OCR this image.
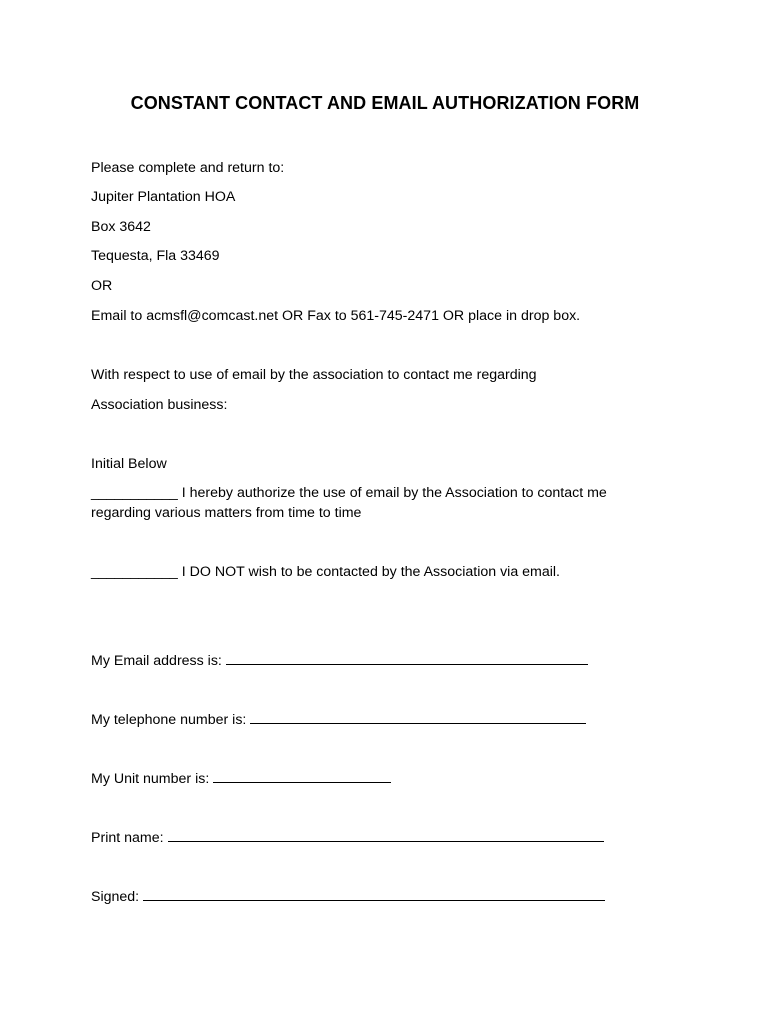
CONSTANT CONTACT AND EMAIL AUTHORIZATION FORM
Please complete and return to:
Jupiter Plantation HOA
Box 3642
Tequesta, Fla 33469
OR
Email to acmsfl@comcast.net OR Fax to 561-745-2471 OR place in drop box.
With respect to use of email by the association to contact me regarding
Association business:
Initial Below
___________ I hereby authorize the use of email by the Association to contact me regarding various matters from time to time
___________ I DO NOT wish to be contacted by the Association via email.
My Email address is:
My telephone number is:
My Unit number is:
Print name:
Signed:
